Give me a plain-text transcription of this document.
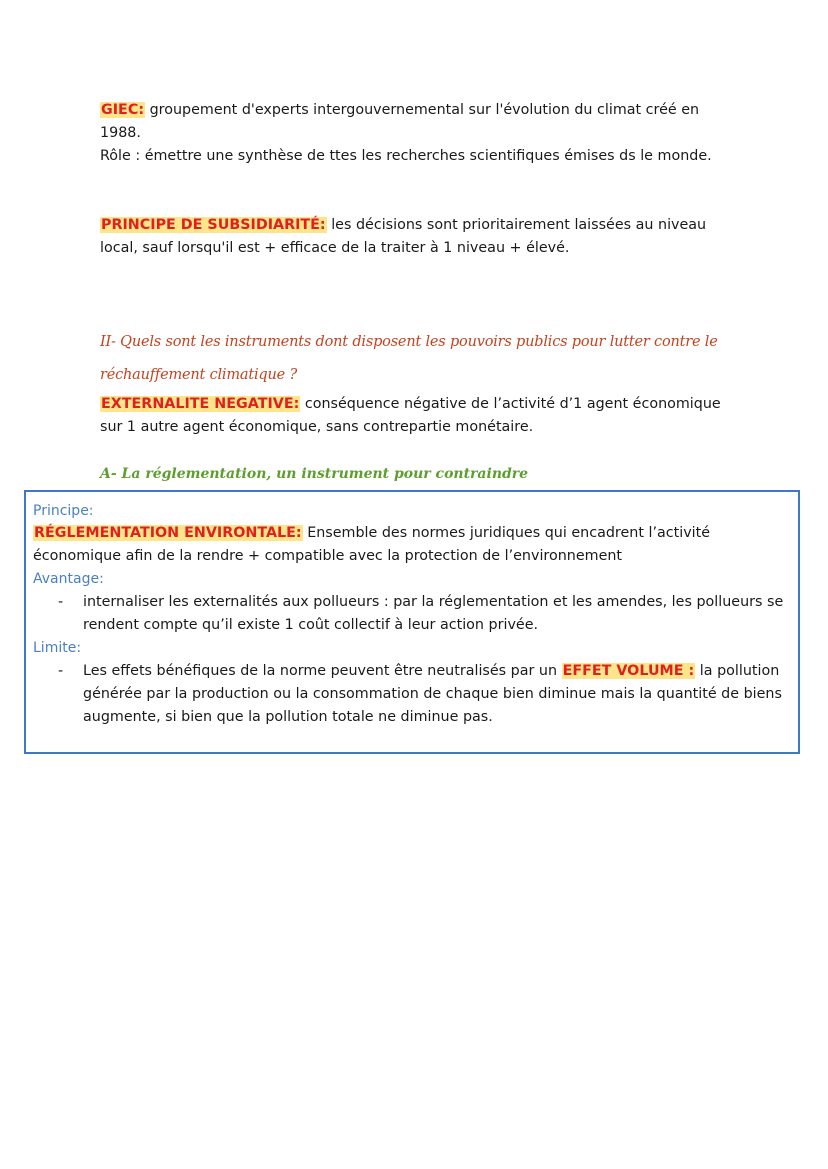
GIEC: groupement d'experts intergouvernemental sur l'évolution du climat créé en 1988.
Rôle : émettre une synthèse de ttes les recherches scientifiques émises ds le monde.

PRINCIPE DE SUBSIDIARITÉ: les décisions sont prioritairement laissées au niveau local, sauf lorsqu'il est + efficace de la traiter à 1 niveau + élevé.

II- Quels sont les instruments dont disposent les pouvoirs publics pour lutter contre le réchauffement climatique ?

EXTERNALITE NEGATIVE: conséquence négative de l’activité d’1 agent économique sur 1 autre agent économique, sans contrepartie monétaire.

A- La réglementation, un instrument pour contraindre

Principe:

RÉGLEMENTATION ENVIRONTALE: Ensemble des normes juridiques qui encadrent l’activité économique afin de la rendre + compatible avec la protection de l’environnement

Avantage:

- internaliser les externalités aux pollueurs : par la réglementation et les amendes, les pollueurs se rendent compte qu’il existe 1 coût collectif à leur action privée.

Limite:

- Les effets bénéfiques de la norme peuvent être neutralisés par un EFFET VOLUME : la pollution générée par la production ou la consommation de chaque bien diminue mais la quantité de biens augmente, si bien que la pollution totale ne diminue pas.
